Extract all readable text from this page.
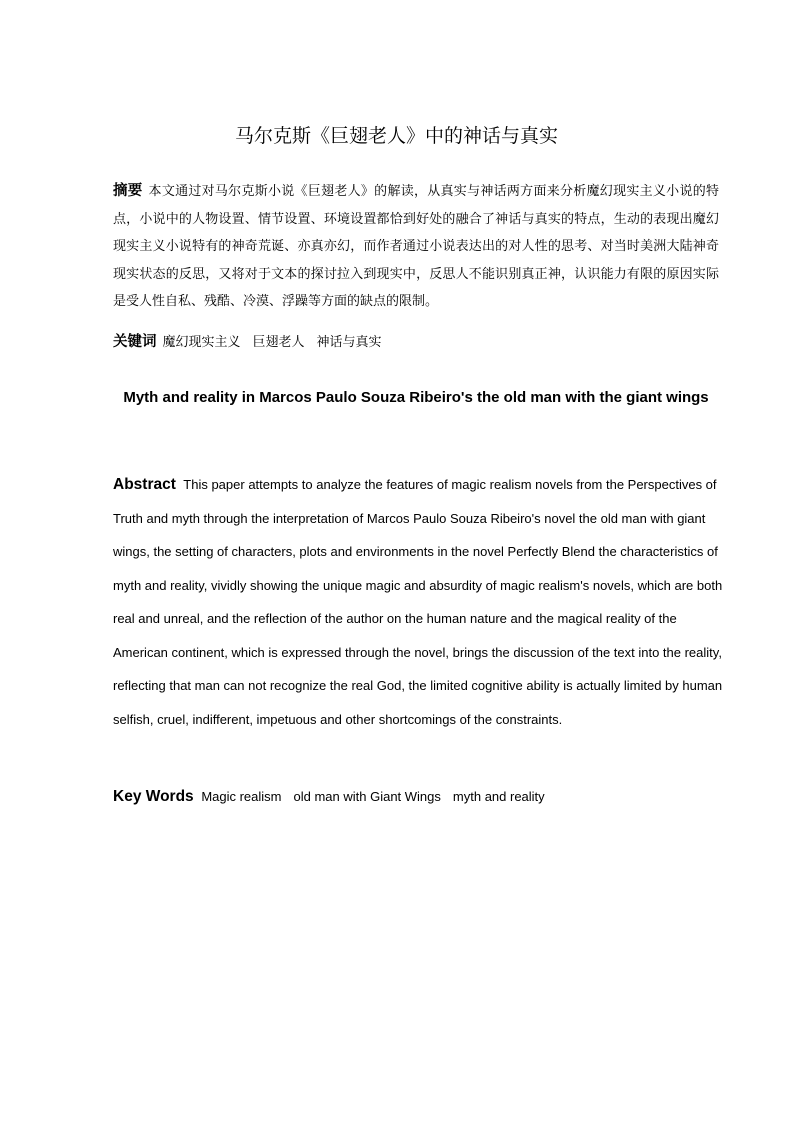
马尔克斯《巨翅老人》中的神话与真实

摘要 本文通过对马尔克斯小说《巨翅老人》的解读，从真实与神话两方面来分析魔幻现实主义小说的特点，小说中的人物设置、情节设置、环境设置都恰到好处的融合了神话与真实的特点，生动的表现出魔幻现实主义小说特有的神奇荒诞、亦真亦幻，而作者通过小说表达出的对人性的思考、对当时美洲大陆神奇现实状态的反思，又将对于文本的探讨拉入到现实中，反思人不能识别真正神，认识能力有限的原因实际是受人性自私、残酷、冷漠、浮躁等方面的缺点的限制。

关键词 魔幻现实主义 巨翅老人 神话与真实

Myth and reality in Marcos Paulo Souza Ribeiro's the old man with the giant wings

Abstract This paper attempts to analyze the features of magic realism novels from the Perspectives of Truth and myth through the interpretation of Marcos Paulo Souza Ribeiro's novel the old man with giant wings, the setting of characters, plots and environments in the novel Perfectly Blend the characteristics of myth and reality, vividly showing the unique magic and absurdity of magic realism's novels, which are both real and unreal, and the reflection of the author on the human nature and the magical reality of the American continent, which is expressed through the novel, brings the discussion of the text into the reality, reflecting that man can not recognize the real God, the limited cognitive ability is actually limited by human selfish, cruel, indifferent, impetuous and other shortcomings of the constraints.

Key Words Magic realism old man with Giant Wings myth and reality
